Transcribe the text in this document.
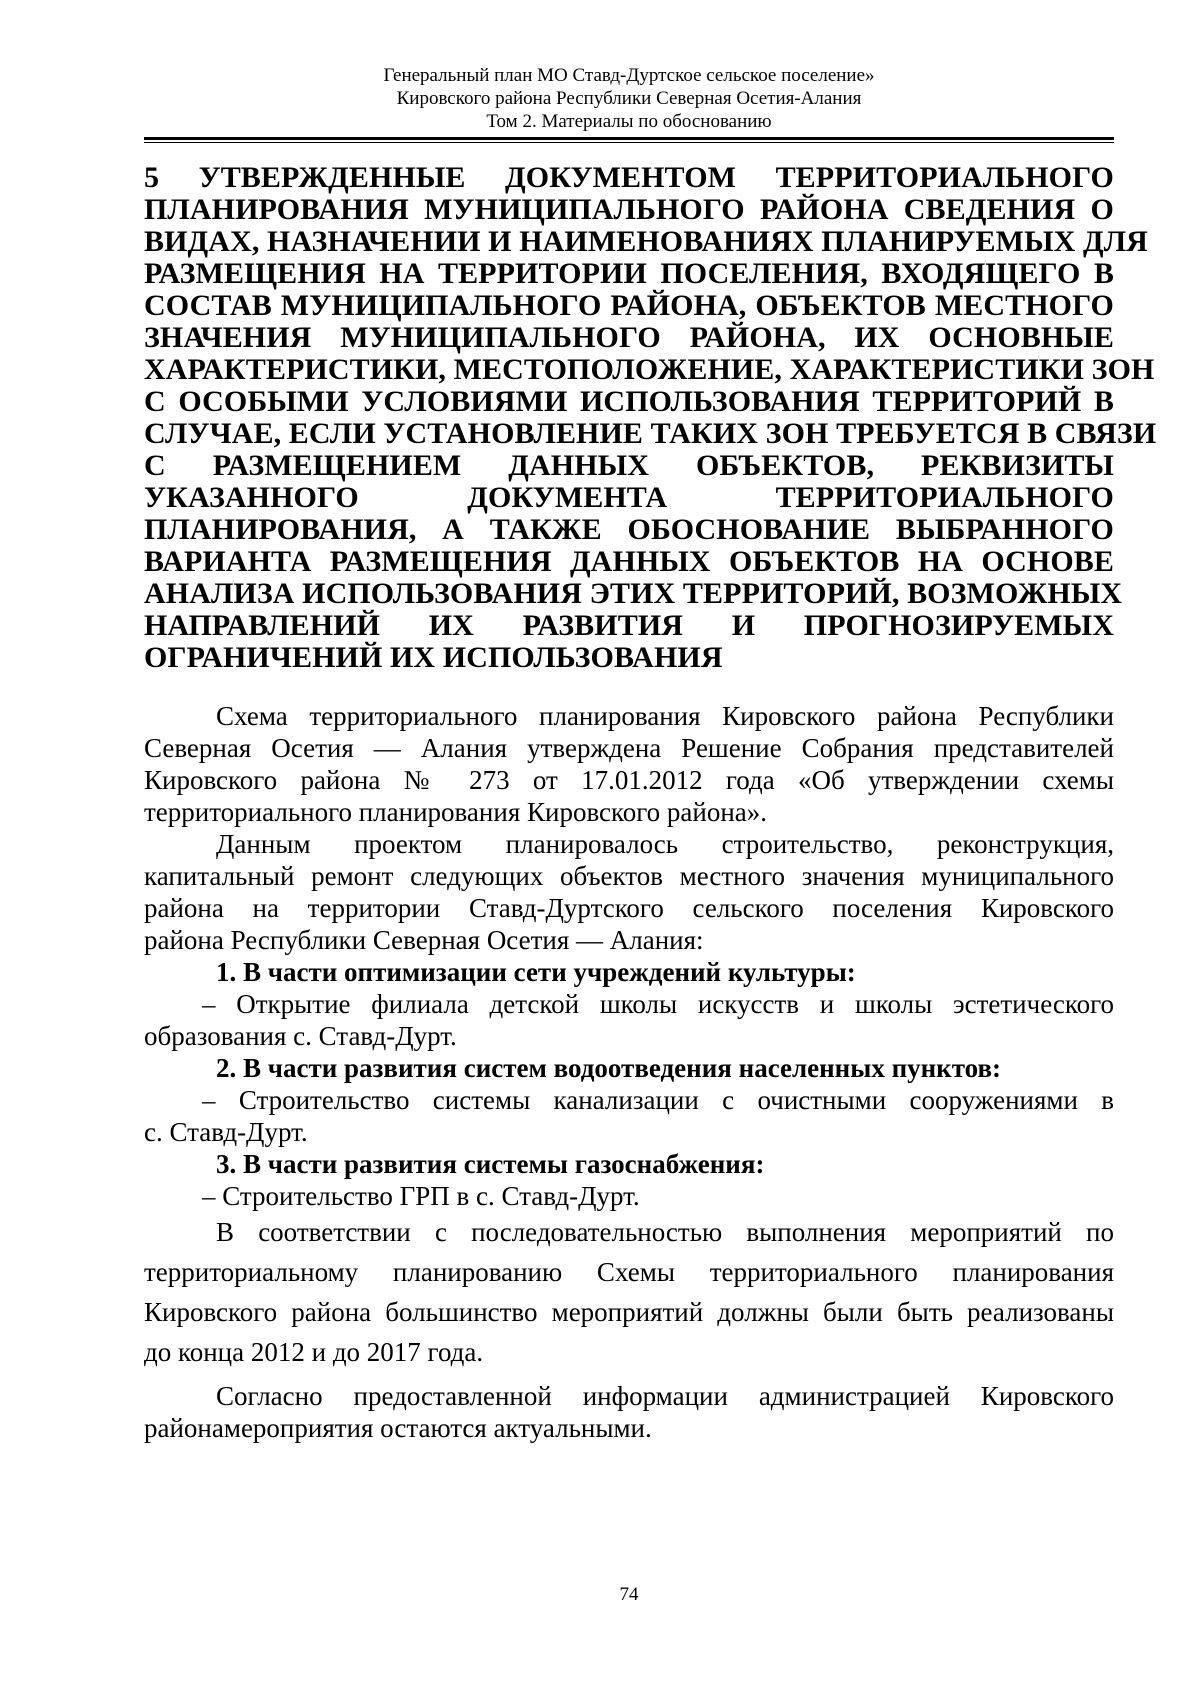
Генеральный план МО Ставд-Дуртское сельское поселение»
Кировского района Республики Северная Осетия-Алания
Том 2. Материалы по обоснованию
5 УТВЕРЖДЕННЫЕ ДОКУМЕНТОМ ТЕРРИТОРИАЛЬНОГО
ПЛАНИРОВАНИЯ МУНИЦИПАЛЬНОГО РАЙОНА СВЕДЕНИЯ О
ВИДАХ, НАЗНАЧЕНИИ И НАИМЕНОВАНИЯХ ПЛАНИРУЕМЫХ ДЛЯ
РАЗМЕЩЕНИЯ НА ТЕРРИТОРИИ ПОСЕЛЕНИЯ, ВХОДЯЩЕГО В
СОСТАВ МУНИЦИПАЛЬНОГО РАЙОНА, ОБЪЕКТОВ МЕСТНОГО
ЗНАЧЕНИЯ МУНИЦИПАЛЬНОГО РАЙОНА, ИХ ОСНОВНЫЕ
ХАРАКТЕРИСТИКИ, МЕСТОПОЛОЖЕНИЕ, ХАРАКТЕРИСТИКИ ЗОН
С ОСОБЫМИ УСЛОВИЯМИ ИСПОЛЬЗОВАНИЯ ТЕРРИТОРИЙ В
СЛУЧАЕ, ЕСЛИ УСТАНОВЛЕНИЕ ТАКИХ ЗОН ТРЕБУЕТСЯ В СВЯЗИ
С РАЗМЕЩЕНИЕМ ДАННЫХ ОБЪЕКТОВ, РЕКВИЗИТЫ
УКАЗАННОГО ДОКУМЕНТА ТЕРРИТОРИАЛЬНОГО
ПЛАНИРОВАНИЯ, А ТАКЖЕ ОБОСНОВАНИЕ ВЫБРАННОГО
ВАРИАНТА РАЗМЕЩЕНИЯ ДАННЫХ ОБЪЕКТОВ НА ОСНОВЕ
АНАЛИЗА ИСПОЛЬЗОВАНИЯ ЭТИХ ТЕРРИТОРИЙ, ВОЗМОЖНЫХ
НАПРАВЛЕНИЙ ИХ РАЗВИТИЯ И ПРОГНОЗИРУЕМЫХ
ОГРАНИЧЕНИЙ ИХ ИСПОЛЬЗОВАНИЯ
Схема территориального планирования Кировского района Республики
Северная Осетия — Алания утверждена Решение Собрания представителей
Кировского района № 273 от 17.01.2012 года «Об утверждении схемы
территориального планирования Кировского района».
Данным проектом планировалось строительство, реконструкция,
капитальный ремонт следующих объектов местного значения муниципального
района на территории Ставд-Дуртского сельского поселения Кировского
района Республики Северная Осетия — Алания:
1. В части оптимизации сети учреждений культуры:
– Открытие филиала детской школы искусств и школы эстетического
образования с. Ставд-Дурт.
2. В части развития систем водоотведения населенных пунктов:
– Строительство системы канализации с очистными сооружениями в
с. Ставд-Дурт.
3. В части развития системы газоснабжения:
– Строительство ГРП в с. Ставд-Дурт.
В соответствии с последовательностью выполнения мероприятий по
территориальному планированию Схемы территориального планирования
Кировского района большинство мероприятий должны были быть реализованы
до конца 2012 и до 2017 года.
Согласно предоставленной информации администрацией Кировского
районамероприятия остаются актуальными.
74
